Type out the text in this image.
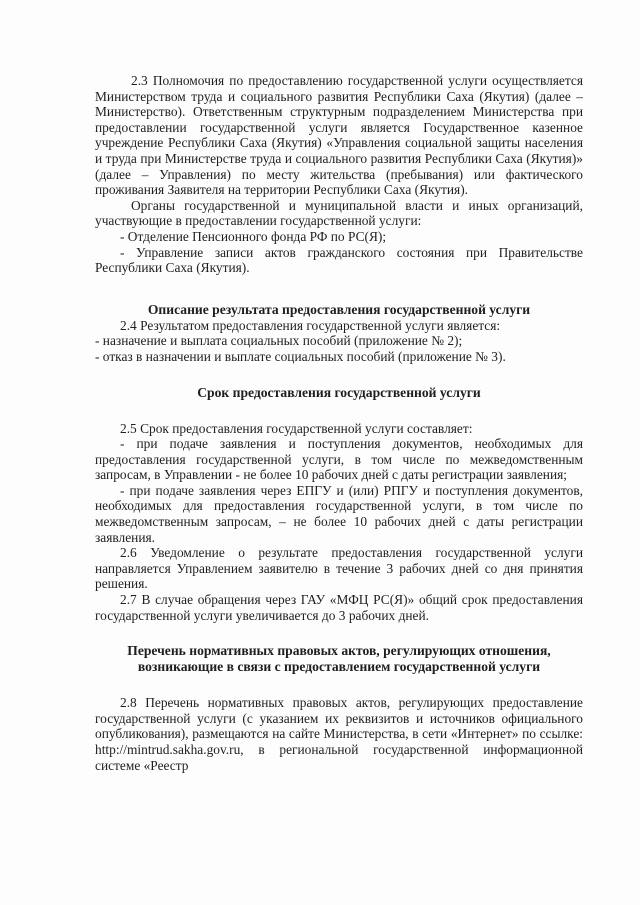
2.3 Полномочия по предоставлению государственной услуги осуществляется Министерством труда и социального развития Республики Саха (Якутия) (далее – Министерство). Ответственным структурным подразделением Министерства при предоставлении государственной услуги является Государственное казенное учреждение Республики Саха (Якутия) «Управления социальной защиты населения и труда при Министерстве труда и социального развития Республики Саха (Якутия)» (далее – Управления) по месту жительства (пребывания) или фактического проживания Заявителя на территории Республики Саха (Якутия).

Органы государственной и муниципальной власти и иных организаций, участвующие в предоставлении государственной услуги:

- Отделение Пенсионного фонда РФ по РС(Я);

- Управление записи актов гражданского состояния при Правительстве Республики Саха (Якутия).

Описание результата предоставления государственной услуги

2.4 Результатом предоставления государственной услуги является:

- назначение и выплата социальных пособий (приложение № 2);

- отказ в назначении и выплате социальных пособий (приложение № 3).

Срок предоставления государственной услуги

2.5 Срок предоставления государственной услуги составляет:

- при подаче заявления и поступления документов, необходимых для предоставления государственной услуги, в том числе по межведомственным запросам, в Управлении - не более 10 рабочих дней с даты регистрации заявления;

- при подаче заявления через ЕПГУ и (или) РПГУ и поступления документов, необходимых для предоставления государственной услуги, в том числе по межведомственным запросам, – не более 10 рабочих дней с даты регистрации заявления.

2.6 Уведомление о результате предоставления государственной услуги направляется Управлением заявителю в течение 3 рабочих дней со дня принятия решения.

2.7 В случае обращения через ГАУ «МФЦ РС(Я)» общий срок предоставления государственной услуги увеличивается до 3 рабочих дней.

Перечень нормативных правовых актов, регулирующих отношения, возникающие в связи с предоставлением государственной услуги

2.8 Перечень нормативных правовых актов, регулирующих предоставление государственной услуги (с указанием их реквизитов и источников официального опубликования), размещаются на сайте Министерства, в сети «Интернет» по ссылке: http://mintrud.sakha.gov.ru, в региональной государственной информационной системе «Реестр
